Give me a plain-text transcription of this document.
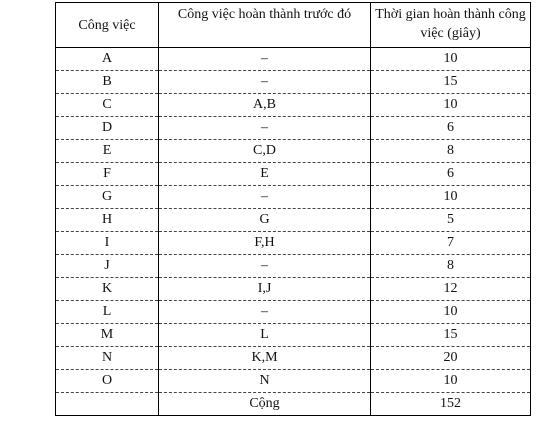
Công việc	Công việc hoàn thành trước đó	Thời gian hoàn thành công việc (giây)
A	–	10
B	–	15
C	A,B	10
D	–	6
E	C,D	8
F	E	6
G	–	10
H	G	5
I	F,H	7
J	–	8
K	I,J	12
L	–	10
M	L	15
N	K,M	20
O	N	10
	Cộng	152
